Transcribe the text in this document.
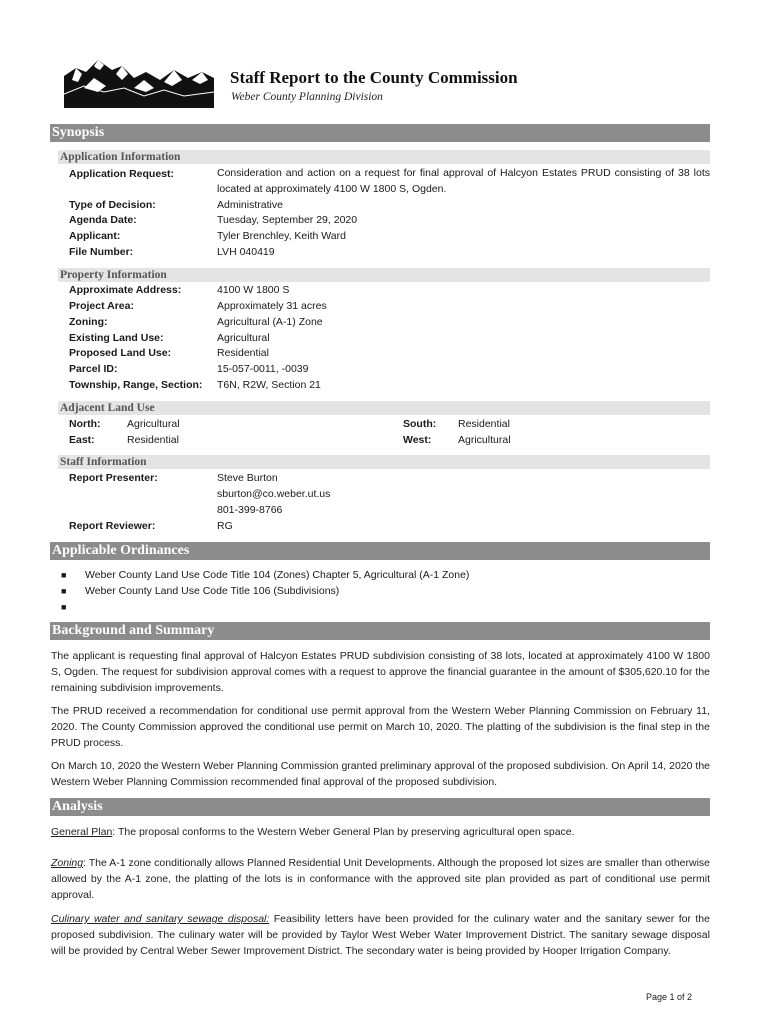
Staff Report to the County Commission
Weber County Planning Division
Synopsis
Application Information
Application Request:	Consideration and action on a request for final approval of Halcyon Estates PRUD consisting of 38 lots located at approximately 4100 W 1800 S, Ogden.
Type of Decision:	Administrative
Agenda Date:	Tuesday, September 29, 2020
Applicant:	Tyler Brenchley, Keith Ward
File Number:	LVH 040419
Property Information
Approximate Address:	4100 W 1800 S
Project Area:	Approximately 31 acres
Zoning:	Agricultural (A-1) Zone
Existing Land Use:	Agricultural
Proposed Land Use:	Residential
Parcel ID:	15-057-0011, -0039
Township, Range, Section: T6N, R2W, Section 21
Adjacent Land Use
North:	Agricultural	South: Residential
East:	Residential	West:	Agricultural
Staff Information
Report Presenter:	Steve Burton
sburton@co.weber.ut.us
801-399-8766
Report Reviewer:	RG
Applicable Ordinances
■ Weber County Land Use Code Title 104 (Zones) Chapter 5, Agricultural (A-1 Zone)
■ Weber County Land Use Code Title 106 (Subdivisions)
■
Background and Summary
The applicant is requesting final approval of Halcyon Estates PRUD subdivision consisting of 38 lots, located at approximately 4100 W 1800 S, Ogden. The request for subdivision approval comes with a request to approve the financial guarantee in the amount of $305,620.10 for the remaining subdivision improvements.
The PRUD received a recommendation for conditional use permit approval from the Western Weber Planning Commission on February 11, 2020. The County Commission approved the conditional use permit on March 10, 2020. The platting of the subdivision is the final step in the PRUD process.
On March 10, 2020 the Western Weber Planning Commission granted preliminary approval of the proposed subdivision. On April 14, 2020 the Western Weber Planning Commission recommended final approval of the proposed subdivision.
Analysis
General Plan: The proposal conforms to the Western Weber General Plan by preserving agricultural open space.
Zoning: The A-1 zone conditionally allows Planned Residential Unit Developments. Although the proposed lot sizes are smaller than otherwise allowed by the A-1 zone, the platting of the lots is in conformance with the approved site plan provided as part of conditional use permit approval.
Culinary water and sanitary sewage disposal: Feasibility letters have been provided for the culinary water and the sanitary sewer for the proposed subdivision. The culinary water will be provided by Taylor West Weber Water Improvement District. The sanitary sewage disposal will be provided by Central Weber Sewer Improvement District. The secondary water is being provided by Hooper Irrigation Company.
Page 1 of 2
